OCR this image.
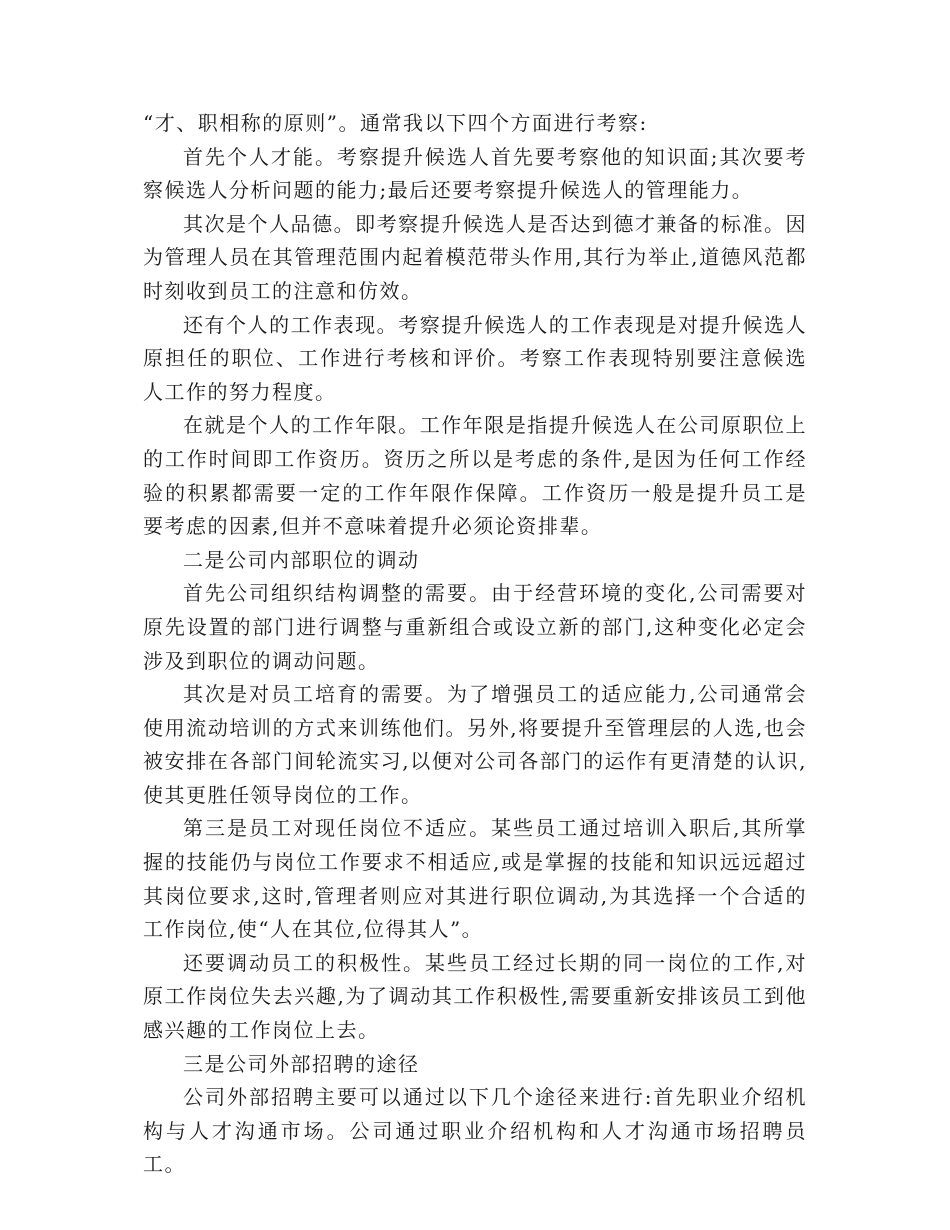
“才、职相称的原则”。通常我以下四个方面进行考察:

首先个人才能。考察提升候选人首先要考察他的知识面;其次要考察候选人分析问题的能力;最后还要考察提升候选人的管理能力。

其次是个人品德。即考察提升候选人是否达到德才兼备的标准。因为管理人员在其管理范围内起着模范带头作用,其行为举止,道德风范都时刻收到员工的注意和仿效。

还有个人的工作表现。考察提升候选人的工作表现是对提升候选人原担任的职位、工作进行考核和评价。考察工作表现特别要注意候选人工作的努力程度。

在就是个人的工作年限。工作年限是指提升候选人在公司原职位上的工作时间即工作资历。资历之所以是考虑的条件,是因为任何工作经验的积累都需要一定的工作年限作保障。工作资历一般是提升员工是要考虑的因素,但并不意味着提升必须论资排辈。

二是公司内部职位的调动

首先公司组织结构调整的需要。由于经营环境的变化,公司需要对原先设置的部门进行调整与重新组合或设立新的部门,这种变化必定会涉及到职位的调动问题。

其次是对员工培育的需要。为了增强员工的适应能力,公司通常会使用流动培训的方式来训练他们。另外,将要提升至管理层的人选,也会被安排在各部门间轮流实习,以便对公司各部门的运作有更清楚的认识,使其更胜任领导岗位的工作。

第三是员工对现任岗位不适应。某些员工通过培训入职后,其所掌握的技能仍与岗位工作要求不相适应,或是掌握的技能和知识远远超过其岗位要求,这时,管理者则应对其进行职位调动,为其选择一个合适的工作岗位,使“人在其位,位得其人”。

还要调动员工的积极性。某些员工经过长期的同一岗位的工作,对原工作岗位失去兴趣,为了调动其工作积极性,需要重新安排该员工到他感兴趣的工作岗位上去。

三是公司外部招聘的途径

公司外部招聘主要可以通过以下几个途径来进行:首先职业介绍机构与人才沟通市场。公司通过职业介绍机构和人才沟通市场招聘员工。
